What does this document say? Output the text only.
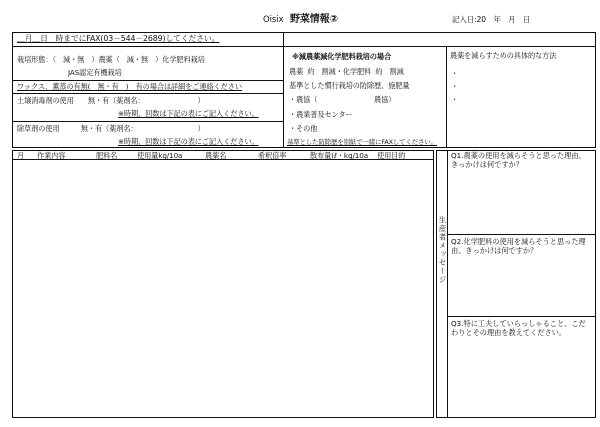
Oisix 野菜情報②	記入日:20　年　月　日
＿月＿日　時までにFAX(03－544－2689)してください。
栽培形態：（　減・無　）農薬（　減・無　）化学肥料栽培
JAS認定有機栽培
ワックス、薫蒸の有無(　無・有　)　有の場合は詳細をご連絡ください
土壌消毒剤の使用　　無・有（薬剤名：　　　　　　　　）
※時期、回数は下記の表にご記入ください。
除草剤の使用　　　無・有（薬剤名：　　　　　　　　　）
※時期、回数は下記の表にご記入ください。
※減農薬減化学肥料栽培の場合
農薬 約　割減・化学肥料 約　割減
基準とした慣行栽培の防除歴、施肥量
・農協（　　　　　　　　農協）
・農業普及センター
・その他
基準とした防除歴を別紙で一緒にFAXしてください。
農薬を減らすための具体的な方法
・
・
・
月 作業内容	肥料名	使用量kg/10a	農薬名	希釈倍率	散布量(ℓ・kg/10a 使用目的
生産者メッセージ
Q1.農薬の使用を減らそうと思った理由、きっかけは何ですか？
Q2.化学肥料の使用を減らそうと思った理由、きっかけは何ですか？
Q3.特に工夫していらっしゃること、こだわりとその理由を教えてください。
